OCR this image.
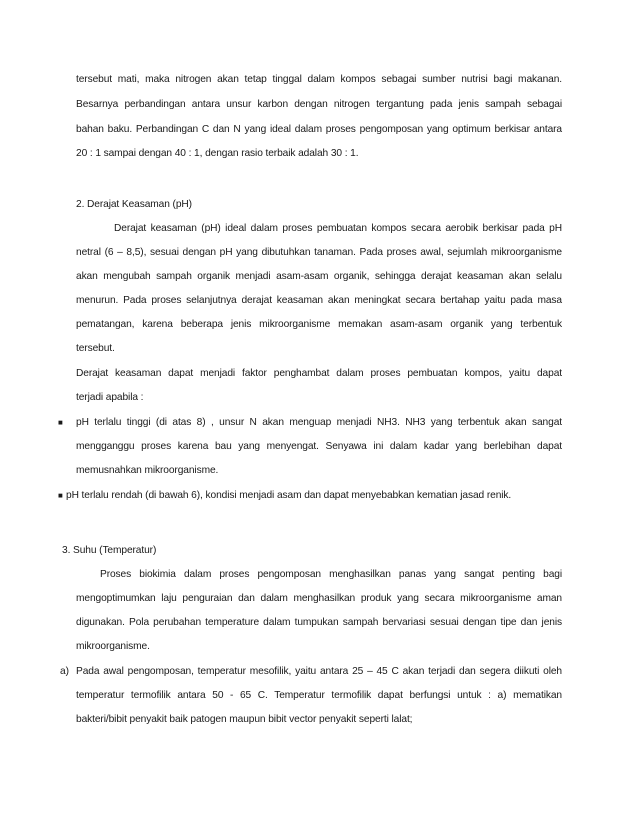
tersebut mati, maka nitrogen akan tetap tinggal dalam kompos sebagai sumber nutrisi bagi makanan.
Besarnya perbandingan antara unsur karbon dengan nitrogen tergantung pada jenis sampah sebagai
bahan baku. Perbandingan C dan N yang ideal dalam proses pengomposan yang optimum berkisar antara
20 : 1 sampai dengan 40 : 1, dengan rasio terbaik adalah 30 : 1.
2. Derajat Keasaman (pH)
Derajat keasaman (pH) ideal dalam proses pembuatan kompos secara aerobik berkisar pada pH
netral (6 – 8,5), sesuai dengan pH yang dibutuhkan tanaman. Pada proses awal, sejumlah mikroorganisme
akan mengubah sampah organik menjadi asam-asam organik, sehingga derajat keasaman akan selalu
menurun. Pada proses selanjutnya derajat keasaman akan meningkat secara bertahap yaitu pada masa
pematangan, karena beberapa jenis mikroorganisme memakan asam-asam organik yang terbentuk
tersebut.
Derajat keasaman dapat menjadi faktor penghambat dalam proses pembuatan kompos, yaitu dapat
terjadi apabila :
■ pH terlalu tinggi (di atas 8) , unsur N akan menguap menjadi NH3. NH3 yang terbentuk akan sangat
mengganggu proses karena bau yang menyengat. Senyawa ini dalam kadar yang berlebihan dapat
memusnahkan mikroorganisme.
■ pH terlalu rendah (di bawah 6), kondisi menjadi asam dan dapat menyebabkan kematian jasad renik.
3. Suhu (Temperatur)
Proses biokimia dalam proses pengomposan menghasilkan panas yang sangat penting bagi
mengoptimumkan laju penguraian dan dalam menghasilkan produk yang secara mikroorganisme aman
digunakan. Pola perubahan temperature dalam tumpukan sampah bervariasi sesuai dengan tipe dan jenis
mikroorganisme.
a) Pada awal pengomposan, temperatur mesofilik, yaitu antara 25 – 45 C akan terjadi dan segera diikuti oleh
temperatur termofilik antara 50 - 65 C. Temperatur termofilik dapat berfungsi untuk : a) mematikan
bakteri/bibit penyakit baik patogen maupun bibit vector penyakit seperti lalat;
